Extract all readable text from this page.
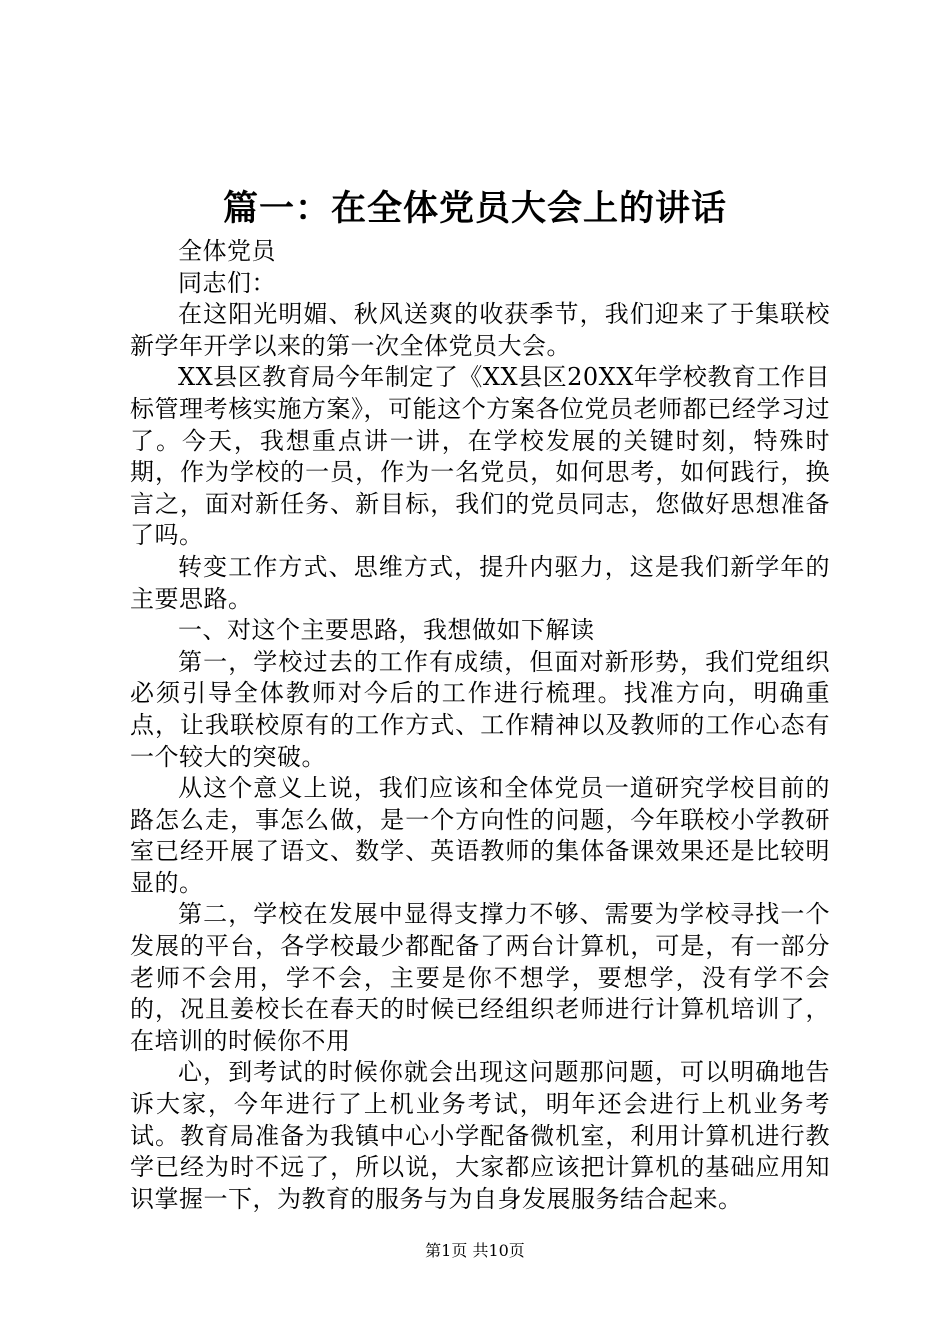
篇一：在全体党员大会上的讲话

全体党员

同志们：

在这阳光明媚、秋风送爽的收获季节，我们迎来了于集联校新学年开学以来的第一次全体党员大会。

XX县区教育局今年制定了《XX县区20XX年学校教育工作目标管理考核实施方案》，可能这个方案各位党员老师都已经学习过了。今天，我想重点讲一讲，在学校发展的关键时刻，特殊时期，作为学校的一员，作为一名党员，如何思考，如何践行，换言之，面对新任务、新目标，我们的党员同志，您做好思想准备了吗。

转变工作方式、思维方式，提升内驱力，这是我们新学年的主要思路。

一、对这个主要思路，我想做如下解读

第一，学校过去的工作有成绩，但面对新形势，我们党组织必须引导全体教师对今后的工作进行梳理。找准方向，明确重点，让我联校原有的工作方式、工作精神以及教师的工作心态有一个较大的突破。

从这个意义上说，我们应该和全体党员一道研究学校目前的路怎么走，事怎么做，是一个方向性的问题，今年联校小学教研室已经开展了语文、数学、英语教师的集体备课效果还是比较明显的。

第二，学校在发展中显得支撑力不够、需要为学校寻找一个发展的平台，各学校最少都配备了两台计算机，可是，有一部分老师不会用，学不会，主要是你不想学，要想学，没有学不会的，况且姜校长在春天的时候已经组织老师进行计算机培训了，在培训的时候你不用

心，到考试的时候你就会出现这问题那问题，可以明确地告诉大家，今年进行了上机业务考试，明年还会进行上机业务考试。教育局准备为我镇中心小学配备微机室，利用计算机进行教学已经为时不远了，所以说，大家都应该把计算机的基础应用知识掌握一下，为教育的服务与为自身发展服务结合起来。

第1页 共10页
